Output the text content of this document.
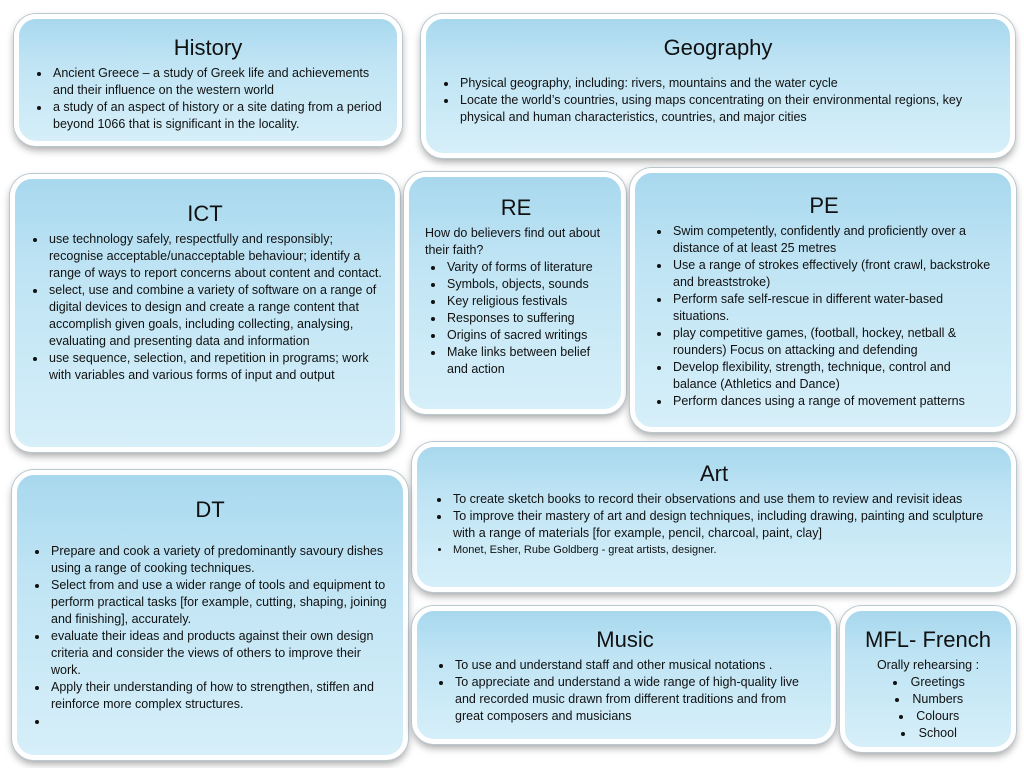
History
• Ancient Greece – a study of Greek life and achievements and their influence on the western world
• a study of an aspect of history or a site dating from a period beyond 1066 that is significant in the locality.
Geography
• Physical geography, including: rivers, mountains and the water cycle
• Locate the world’s countries, using maps concentrating on their environmental regions, key physical and human characteristics, countries, and major cities
ICT
• use technology safely, respectfully and responsibly; recognise acceptable/unacceptable behaviour; identify a range of ways to report concerns about content and contact.
• select, use and combine a variety of software on a range of digital devices to design and create a range content that accomplish given goals, including collecting, analysing, evaluating and presenting data and information
• use sequence, selection, and repetition in programs; work with variables and various forms of input and output
RE

How do believers find out about their faith?

• Varity of forms of literature
• Symbols, objects, sounds
• Key religious festivals
• Responses to suffering
• Origins of sacred writings
• Make links between belief and action
PE
• Swim competently, confidently and proficiently over a distance of at least 25 metres
• Use a range of strokes effectively (front crawl, backstroke and breaststroke)
• Perform safe self-rescue in different water-based situations.
• play competitive games, (football, hockey, netball & rounders) Focus on attacking and defending
• Develop flexibility, strength, technique, control and balance (Athletics and Dance)
• Perform dances using a range of movement patterns
Art
• To create sketch books to record their observations and use them to review and revisit ideas
• To improve their mastery of art and design techniques, including drawing, painting and sculpture with a range of materials [for example, pencil, charcoal, paint, clay]
• Monet, Esher, Rube Goldberg - great artists, designer.
DT
• Prepare and cook a variety of predominantly savoury dishes using a range of cooking techniques.
• Select from and use a wider range of tools and equipment to perform practical tasks [for example, cutting, shaping, joining and finishing], accurately.
• evaluate their ideas and products against their own design criteria and consider the views of others to improve their work.
• Apply their understanding of how to strengthen, stiffen and reinforce more complex structures.
•
Music
• To use and understand staff and other musical notations .
• To appreciate and understand a wide range of high-quality live and recorded music drawn from different traditions and from great composers and musicians
MFL- French

Orally rehearsing :

• Greetings
• Numbers
• Colours
• School
